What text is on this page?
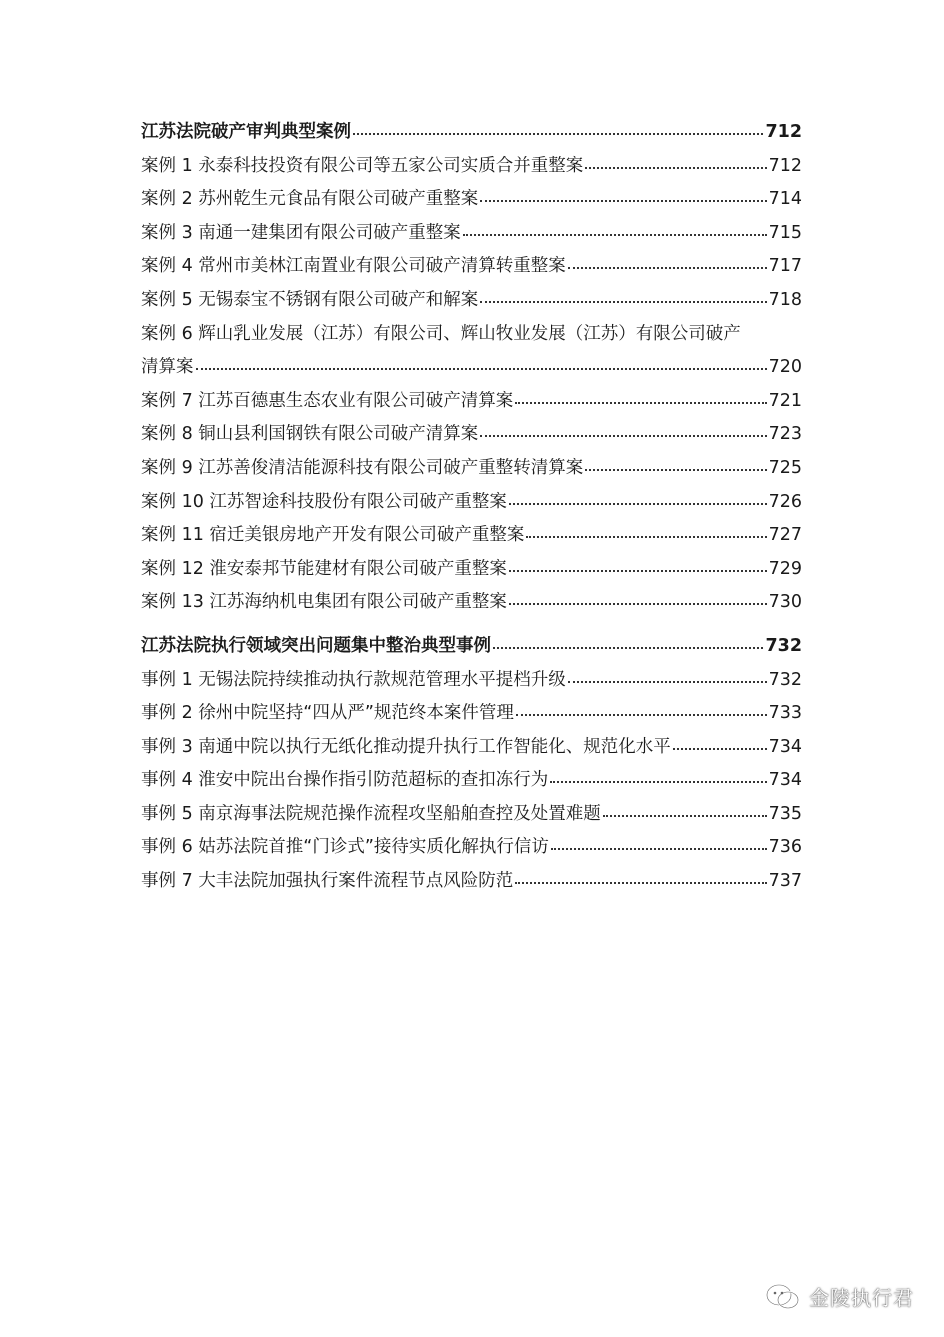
江苏法院破产审判典型案例	712
案例 1 永泰科技投资有限公司等五家公司实质合并重整案	712
案例 2 苏州乾生元食品有限公司破产重整案	714
案例 3 南通一建集团有限公司破产重整案	715
案例 4 常州市美林江南置业有限公司破产清算转重整案	717
案例 5 无锡泰宝不锈钢有限公司破产和解案	718
案例 6 辉山乳业发展（江苏）有限公司、辉山牧业发展（江苏）有限公司破产
清算案	720
案例 7 江苏百德惠生态农业有限公司破产清算案	721
案例 8 铜山县利国钢铁有限公司破产清算案	723
案例 9 江苏善俊清洁能源科技有限公司破产重整转清算案	725
案例 10 江苏智途科技股份有限公司破产重整案	726
案例 11 宿迁美银房地产开发有限公司破产重整案	727
案例 12 淮安泰邦节能建材有限公司破产重整案	729
案例 13 江苏海纳机电集团有限公司破产重整案	730
江苏法院执行领域突出问题集中整治典型事例	732
事例 1 无锡法院持续推动执行款规范管理水平提档升级	732
事例 2 徐州中院坚持“四从严”规范终本案件管理	733
事例 3 南通中院以执行无纸化推动提升执行工作智能化、规范化水平	734
事例 4 淮安中院出台操作指引防范超标的查扣冻行为	734
事例 5 南京海事法院规范操作流程攻坚船舶查控及处置难题	735
事例 6 姑苏法院首推“门诊式”接待实质化解执行信访	736
事例 7 大丰法院加强执行案件流程节点风险防范	737
金陵执行君
